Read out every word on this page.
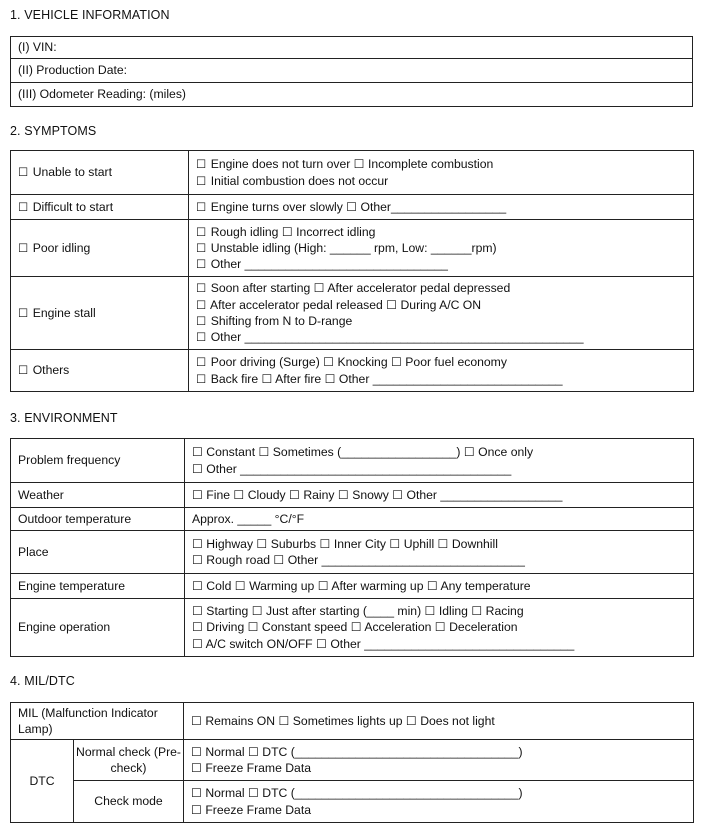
1. VEHICLE INFORMATION
(I) VIN:
(II) Production Date:
(III) Odometer Reading: (miles)
2. SYMPTOMS
☐ Unable to start	☐ Engine does not turn over ☐ Incomplete combustion
☐ Initial combustion does not occur

☐ Difficult to start	☐ Engine turns over slowly ☐ Other_________________

☐ Poor idling	☐ Rough idling ☐ Incorrect idling
☐ Unstable idling (High: ______ rpm, Low: ______rpm)
☐ Other ______________________________

☐ Engine stall	☐ Soon after starting ☐ After accelerator pedal depressed
☐ After accelerator pedal released ☐ During A/C ON
☐ Shifting from N to D-range
☐ Other __________________________________________________

☐ Others	☐ Poor driving (Surge) ☐ Knocking ☐ Poor fuel economy
☐ Back fire ☐ After fire ☐ Other ____________________________
3. ENVIRONMENT
Problem frequency	☐ Constant ☐ Sometimes (_________________) ☐ Once only
☐ Other ________________________________________

Weather	☐ Fine ☐ Cloudy ☐ Rainy ☐ Snowy ☐ Other __________________

Outdoor temperature	Approx. _____ °C/°F

Place	☐ Highway ☐ Suburbs ☐ Inner City ☐ Uphill ☐ Downhill
☐ Rough road ☐ Other ______________________________

Engine temperature	☐ Cold ☐ Warming up ☐ After warming up ☐ Any temperature

Engine operation	☐ Starting ☐ Just after starting (____ min) ☐ Idling ☐ Racing
☐ Driving ☐ Constant speed ☐ Acceleration ☐ Deceleration
☐ A/C switch ON/OFF ☐ Other _______________________________
4. MIL/DTC
MIL (Malfunction Indicator Lamp)		☐ Remains ON ☐ Sometimes lights up ☐ Does not light
DTC	Normal check (Pre-check)	☐ Normal ☐ DTC (_________________________________)
☐ Freeze Frame Data

	Check mode	☐ Normal ☐ DTC (_________________________________)
☐ Freeze Frame Data
